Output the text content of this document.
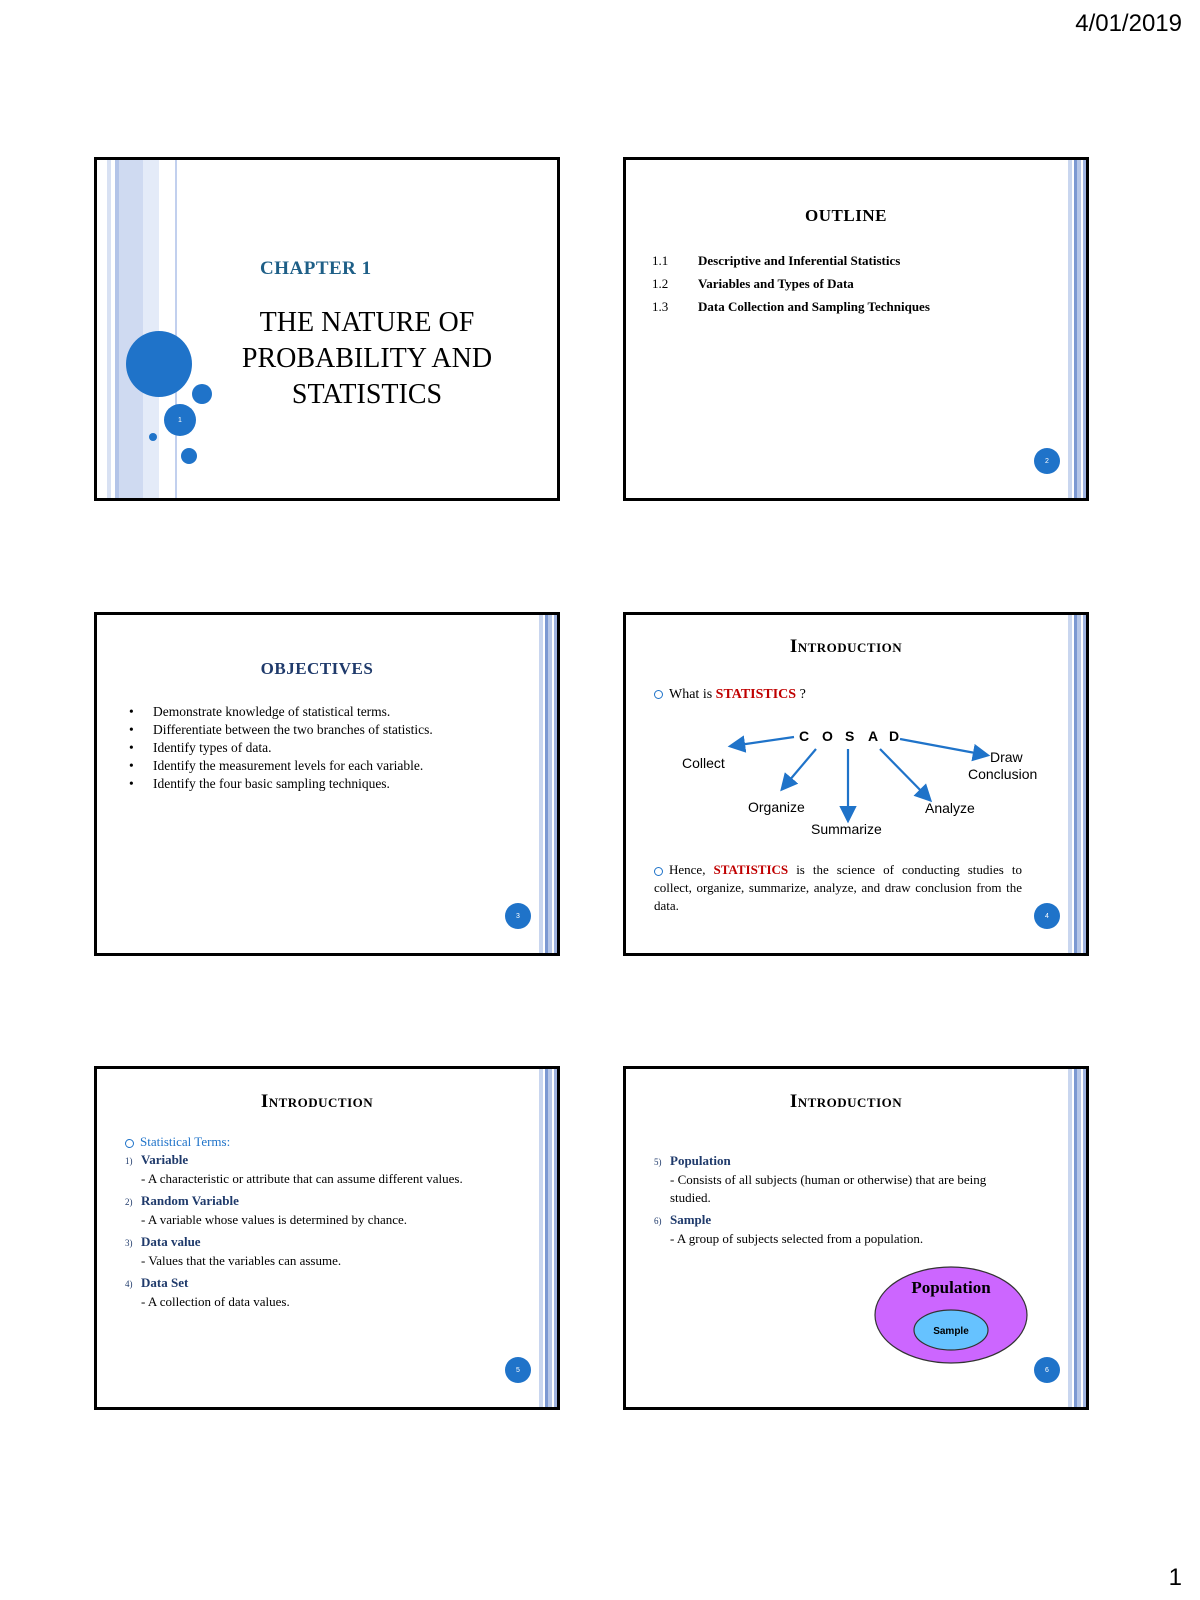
4/01/2019
1
CHAPTER 1
THE NATURE OF PROBABILITY AND STATISTICS
OUTLINE
1.1 Descriptive and Inferential Statistics
1.2 Variables and Types of Data
1.3 Data Collection and Sampling Techniques
2
OBJECTIVES
• Demonstrate knowledge of statistical terms.
• Differentiate between the two branches of statistics.
• Identify types of data.
• Identify the measurement levels for each variable.
• Identify the four basic sampling techniques.
3
Introduction
What is STATISTICS ?
C O S A D
Collect
Organize
Summarize
Analyze
Draw
Conclusion
Hence, STATISTICS is the science of conducting studies to collect, organize, summarize, analyze, and draw conclusion from the data.
4
Introduction
Statistical Terms:
1) Variable
- A characteristic or attribute that can assume different values.
2) Random Variable
- A variable whose values is determined by chance.
3) Data value
- Values that the variables can assume.
4) Data Set
- A collection of data values.
5
Introduction
5) Population
- Consists of all subjects (human or otherwise) that are being studied.
6) Sample
- A group of subjects selected from a population.
Population
Sample
6
1
